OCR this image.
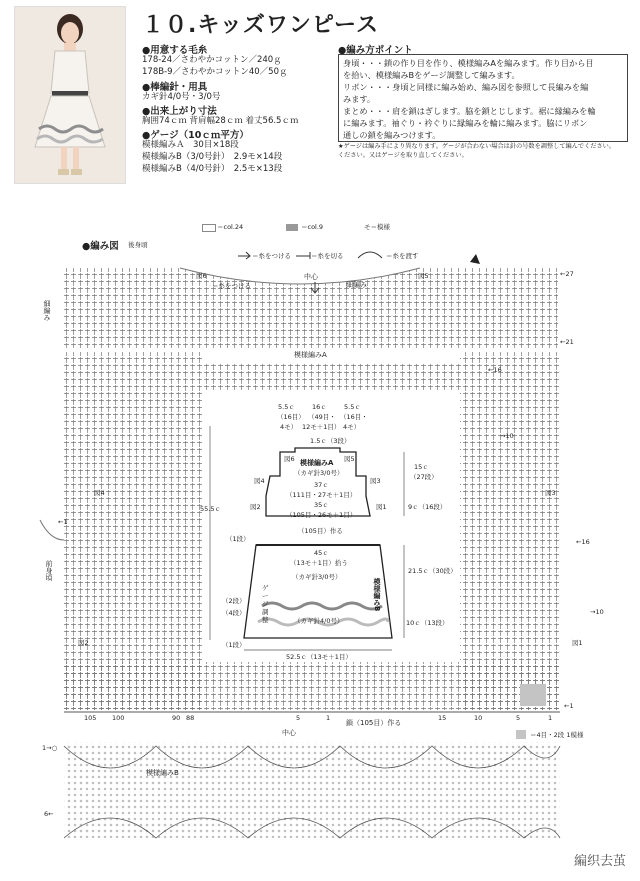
１０.キッズワンピース
●用意する毛糸
178-24／さわやかコットン／240ｇ
178B-9／さわやかコットン40／50ｇ
●棒編針・用具
カギ針4/0号・3/0号
●出来上がり寸法
胸囲74ｃｍ 背肩幅28ｃｍ 着丈56.5ｃｍ
●ゲージ（10ｃｍ平方）
模様編みＡ　30目×18段
模様編みB（3/0号針）　2.9モ×14段
模様編みB（4/0号針）　2.5モ×13段
●編み方ポイント
身頃・・・鎖の作り目を作り、模様編みAを編みます。作り目から目
を拾い、模様編みBをゲージ調整して編みます。
リボン・・・身頃と同様に編み始め、編み図を参照して長編みを編
みます。
まとめ・・・肩を鎖はぎします。脇を鎖とじします。裾に縁編みを輪
に編みます。袖ぐり・衿ぐりに縁編みを輪に編みます。脇にリボン
通しの鎖を編みつけます。
★ゲージは編み手により異なります。ゲージが合わない場合は針の号数を調整して編んでください。
ください。又はゲージを取り直してください。
＝col.24	＝col.9	モ＝模様
＝糸をつける	＝糸を切る	＝糸を渡す
●編み図 後身頃
中心
細編み
細編み
模様編みA
＝糸をつける
図6	図5
図4	図3
図2	図1
←27
←21
←16
→10
←16
→10
←1
←1
1→○
6←
前身頃
105 100	90 88	5	1	15	10	5	1
鎖（105目）作る
中心
模様編みB
＝4目・2段 1模様
5.5ｃ
（16目）
4モ）
16ｃ
（49目・
12モ＋1目）
5.5ｃ
（16目・
4モ）
1.5ｃ（3段）
図6	図5
模様編みA
（カギ針3/0号）
図4	図3
37ｃ
（111目・27モ＋1目）
図2	図1
35ｃ
（105目・26モ＋1目）
（105目）作る
15ｃ
（27段）
9ｃ（16段）
55.5ｃ
（1段）
45ｃ
（13モ＋1目）拾う
（カギ針3/0号）
ゲージ調整
（2段）
（4段）
模様編みB
（カギ針4/0号）
21.5ｃ（30段）
10ｃ（13段）
（1段）
52.5ｃ（13モ＋1目）
編织去茧
